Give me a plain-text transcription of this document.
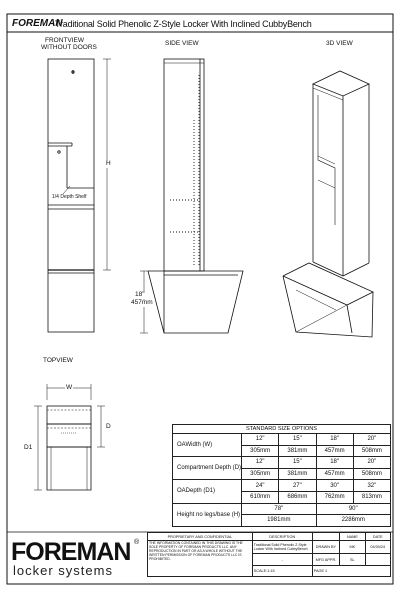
FOREMAN
Traditional Solid Phenolic Z-Style Locker With Inclined CubbyBench
FRONTVIEW
WITHOUT DOORS
SIDE VIEW	3D VIEW
TOPVIEW
1/4 Depth Shelf
H
18"
457mm
W
D
D1
STANDARD SIZE OPTIONS				
OAWidth (W)	12"	15"	18"	20"
	305mm	381mm	457mm	508mm
Compartment Depth (D)	12"	15"	18"	20"
	305mm	381mm	457mm	508mm
OADepth (D1)	24"	27"	30"	32"
	610mm	686mm	762mm	813mm
Height no legs/base (H)	78"		90"	
	1981mm		2286mm	
FOREMAN ®
locker systems
PROPRIETARY AND CONFIDENTIAL	DESCRIPTION		NAME	DATE
THE INFORMATION CONTAINED IN THIS DRAWING IS THE SOLE PROPERTY OF FOREMAN PRODUCTS LLC. ANY REPRODUCTION IN PART OR AS A WHOLE WITHOUT THE WRITTEN PERMISSION OF FOREMAN PRODUCTS LLC IS PROHIBITED.	Traditional Solid Phenolic Z-Style Locker With Inclined CubbyBench	DRAWN BY	MK	04/30/24
	-	MFG APPR.	SL	
	SCALE:1:15	PAGE 1		
